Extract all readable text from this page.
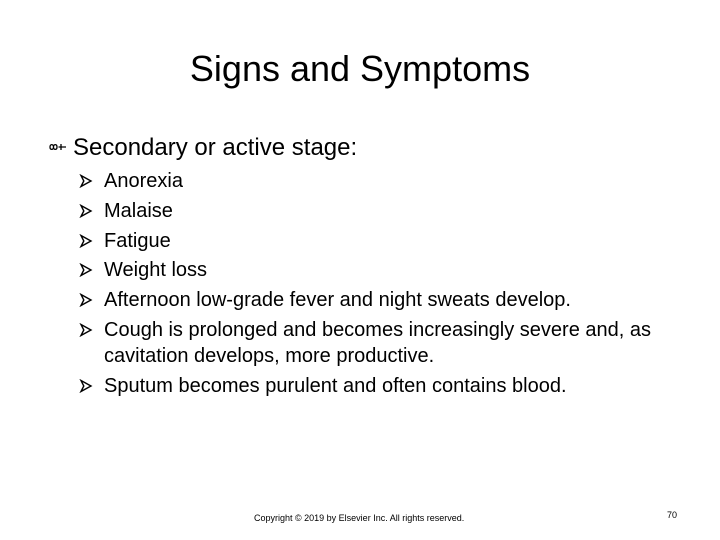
Signs and Symptoms
Secondary or active stage:
Anorexia
Malaise
Fatigue
Weight loss
Afternoon low-grade fever and night sweats develop.
Cough is prolonged and becomes increasingly severe and, as cavitation develops, more productive.
Sputum becomes purulent and often contains blood.
Copyright © 2019 by Elsevier Inc. All rights reserved.	70
